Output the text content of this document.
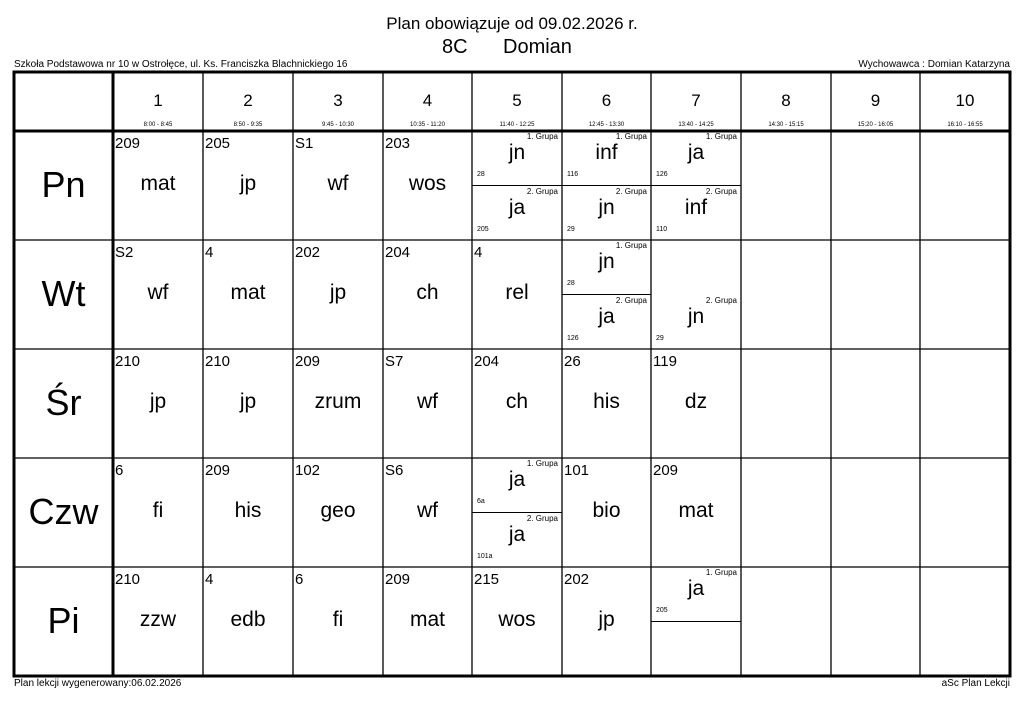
Plan obowiązuje od 09.02.2026 r.
8C Domian
Szkoła Podstawowa nr 10 w Ostrołęce, ul. Ks. Franciszka Blachnickiego 16	Wychowawca : Domian Katarzyna
1
8:00 - 8:45
2
8:50 - 9:35
3
9:45 - 10:30
4
10:35 - 11:20
5
11:40 - 12:25
6
12:45 - 13:30
7
13:40 - 14:25
8
14:30 - 15:15
9
15:20 - 16:05
10
16:10 - 16:55
Pn
Wt
Śr
Czw
Pi
209
mat
205
jp
S1
wf
203
wos
1. Grupa
jn
28
2. Grupa
ja
205
1. Grupa
inf
116
2. Grupa
jn
29
1. Grupa
ja
126
2. Grupa
inf
110
S2
wf
4
mat
202
jp
204
ch
4
rel
1. Grupa
jn
28
2. Grupa
ja
126
2. Grupa
jn
29
210
jp
210
jp
209
zrum
S7
wf
204
ch
26
his
119
dz
6
fi
209
his
102
geo
S6
wf
1. Grupa
ja
6a
2. Grupa
ja
101a
101
bio
209
mat
210
zzw
4
edb
6
fi
209
mat
215
wos
202
jp
1. Grupa
ja
205
Plan lekcji wygenerowany:06.02.2026	aSc Plan Lekcji
